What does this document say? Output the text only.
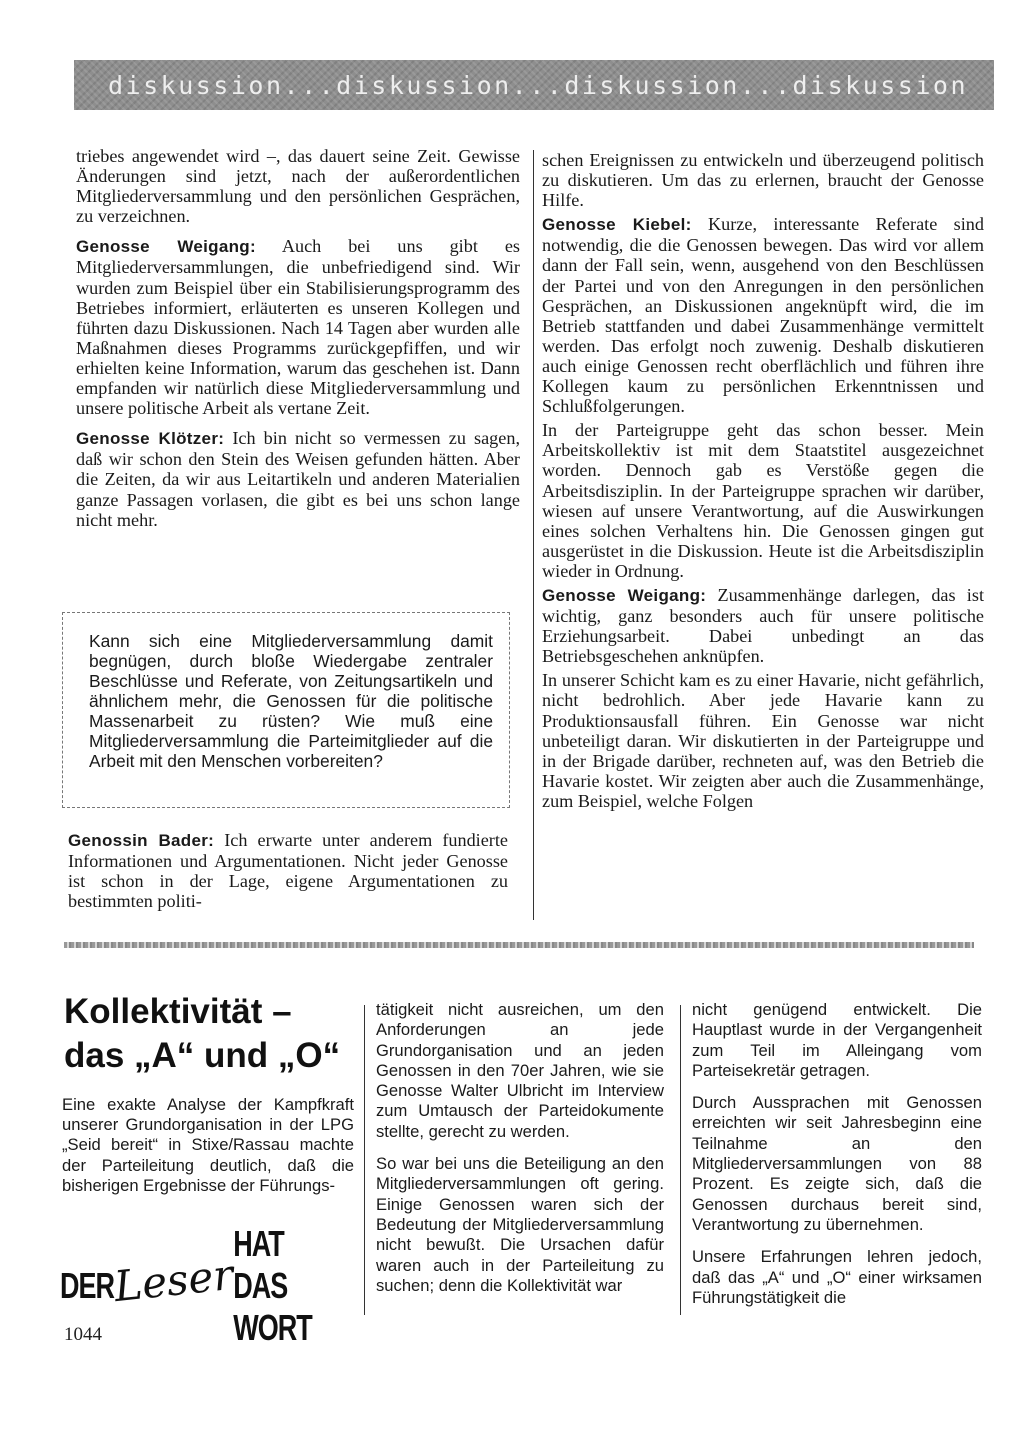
diskussion...diskussion...diskussion...diskussion

triebes angewendet wird –, das dauert seine Zeit. Gewisse Änderungen sind jetzt, nach der außerordentlichen Mitgliederversammlung und den persönlichen Gesprächen, zu verzeichnen.

Genosse Weigang: Auch bei uns gibt es Mitgliederversammlungen, die unbefriedigend sind. Wir wurden zum Beispiel über ein Stabilisierungsprogramm des Betriebes informiert, erläuterten es unseren Kollegen und führten dazu Diskussionen. Nach 14 Tagen aber wurden alle Maßnahmen dieses Programms zurückgepfiffen, und wir erhielten keine Information, warum das geschehen ist. Dann empfanden wir natürlich diese Mitgliederversammlung und unsere politische Arbeit als vertane Zeit.

Genosse Klötzer: Ich bin nicht so vermessen zu sagen, daß wir schon den Stein des Weisen gefunden hätten. Aber die Zeiten, da wir aus Leitartikeln und anderen Materialien ganze Passagen vorlasen, die gibt es bei uns schon lange nicht mehr.

Kann sich eine Mitgliederversammlung damit begnügen, durch bloße Wiedergabe zentraler Beschlüsse und Referate, von Zeitungsartikeln und ähnlichem mehr, die Genossen für die politische Massenarbeit zu rüsten? Wie muß eine Mitgliederversammlung die Parteimitglieder auf die Arbeit mit den Menschen vorbereiten?

Genossin Bader: Ich erwarte unter anderem fundierte Informationen und Argumentationen. Nicht jeder Genosse ist schon in der Lage, eigene Argumentationen zu bestimmten politi-

schen Ereignissen zu entwickeln und überzeugend politisch zu diskutieren. Um das zu erlernen, braucht der Genosse Hilfe.

Genosse Kiebel: Kurze, interessante Referate sind notwendig, die die Genossen bewegen. Das wird vor allem dann der Fall sein, wenn, ausgehend von den Beschlüssen der Partei und von den Anregungen in den persönlichen Gesprächen, an Diskussionen angeknüpft wird, die im Betrieb stattfanden und dabei Zusammenhänge vermittelt werden. Das erfolgt noch zuwenig. Deshalb diskutieren auch einige Genossen recht oberflächlich und führen ihre Kollegen kaum zu persönlichen Erkenntnissen und Schlußfolgerungen.

In der Parteigruppe geht das schon besser. Mein Arbeitskollektiv ist mit dem Staatstitel ausgezeichnet worden. Dennoch gab es Verstöße gegen die Arbeitsdisziplin. In der Parteigruppe sprachen wir darüber, wiesen auf unsere Verantwortung, auf die Auswirkungen eines solchen Verhaltens hin. Die Genossen gingen gut ausgerüstet in die Diskussion. Heute ist die Arbeitsdisziplin wieder in Ordnung.

Genosse Weigang: Zusammenhänge darlegen, das ist wichtig, ganz besonders auch für unsere politische Erziehungsarbeit. Dabei unbedingt an das Betriebsgeschehen anknüpfen.

In unserer Schicht kam es zu einer Havarie, nicht gefährlich, nicht bedrohlich. Aber jede Havarie kann zu Produktionsausfall führen. Ein Genosse war nicht unbeteiligt daran. Wir diskutierten in der Parteigruppe und in der Brigade darüber, rechneten auf, was den Betrieb die Havarie kostet. Wir zeigten aber auch die Zusammenhänge, zum Beispiel, welche Folgen

Kollektivität –
das „A“ und „O“
Eine exakte Analyse der Kampfkraft unserer Grundorganisation in der LPG „Seid bereit“ in Stixe/Rassau machte der Parteileitung deutlich, daß die bisherigen Ergebnisse der Führungs-
DER
Leser
HAT DAS WORT
1044

tätigkeit nicht ausreichen, um den Anforderungen an jede Grundorganisation und an jeden Genossen in den 70er Jahren, wie sie Genosse Walter Ulbricht im Interview zum Umtausch der Parteidokumente stellte, gerecht zu werden.

So war bei uns die Beteiligung an den Mitgliederversammlungen oft gering. Einige Genossen waren sich der Bedeutung der Mitgliederversammlung nicht bewußt. Die Ursachen dafür waren auch in der Parteileitung zu suchen; denn die Kollektivität war

nicht genügend entwickelt. Die Hauptlast wurde in der Vergangenheit zum Teil im Alleingang vom Parteisekretär getragen.

Durch Aussprachen mit Genossen erreichten wir seit Jahresbeginn eine Teilnahme an den Mitgliederversammlungen von 88 Prozent. Es zeigte sich, daß die Genossen durchaus bereit sind, Verantwortung zu übernehmen.

Unsere Erfahrungen lehren jedoch, daß das „A“ und „O“ einer wirksamen Führungstätigkeit die
